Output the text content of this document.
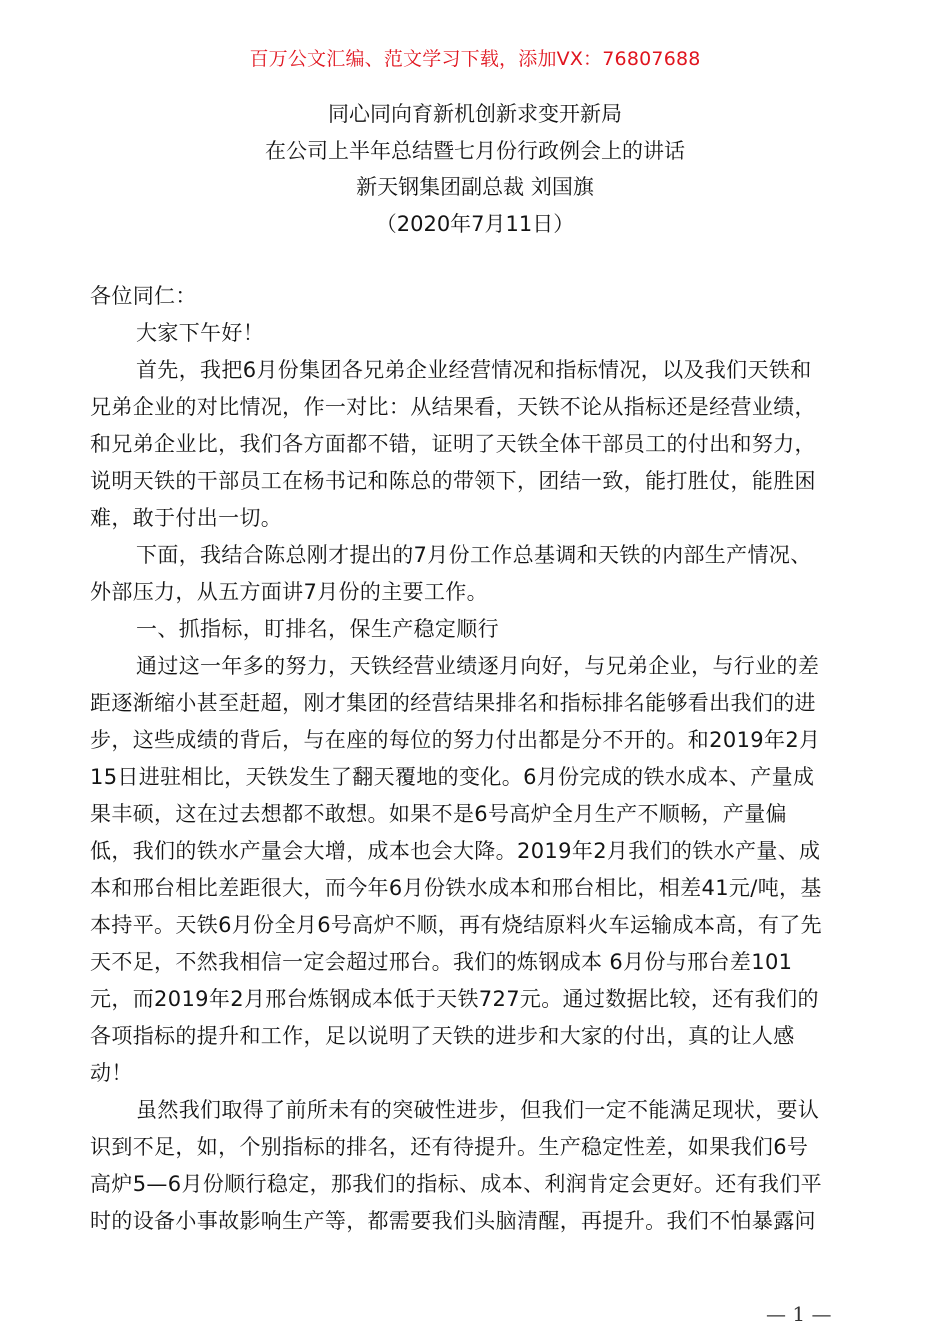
百万公文汇编、范文学习下载，添加VX：76807688
同心同向育新机创新求变开新局
在公司上半年总结暨七月份行政例会上的讲话
新天钢集团副总裁 刘国旗
（2020年7月11日）
各位同仁：
大家下午好！
首先，我把6月份集团各兄弟企业经营情况和指标情况，以及我们天铁和
兄弟企业的对比情况，作一对比：从结果看，天铁不论从指标还是经营业绩，
和兄弟企业比，我们各方面都不错，证明了天铁全体干部员工的付出和努力，
说明天铁的干部员工在杨书记和陈总的带领下，团结一致，能打胜仗，能胜困
难，敢于付出一切。
下面，我结合陈总刚才提出的7月份工作总基调和天铁的内部生产情况、
外部压力，从五方面讲7月份的主要工作。
一、抓指标，盯排名，保生产稳定顺行
通过这一年多的努力，天铁经营业绩逐月向好，与兄弟企业，与行业的差
距逐渐缩小甚至赶超，刚才集团的经营结果排名和指标排名能够看出我们的进
步，这些成绩的背后，与在座的每位的努力付出都是分不开的。和2019年2月
15日进驻相比，天铁发生了翻天覆地的变化。6月份完成的铁水成本、产量成
果丰硕，这在过去想都不敢想。如果不是6号高炉全月生产不顺畅，产量偏
低，我们的铁水产量会大增，成本也会大降。2019年2月我们的铁水产量、成
本和邢台相比差距很大，而今年6月份铁水成本和邢台相比，相差41元/吨，基
本持平。天铁6月份全月6号高炉不顺，再有烧结原料火车运输成本高，有了先
天不足，不然我相信一定会超过邢台。我们的炼钢成本 6月份与邢台差101
元，而2019年2月邢台炼钢成本低于天铁727元。通过数据比较，还有我们的
各项指标的提升和工作，足以说明了天铁的进步和大家的付出，真的让人感
动！
虽然我们取得了前所未有的突破性进步，但我们一定不能满足现状，要认
识到不足，如，个别指标的排名，还有待提升。生产稳定性差，如果我们6号
高炉5—6月份顺行稳定，那我们的指标、成本、利润肯定会更好。还有我们平
时的设备小事故影响生产等，都需要我们头脑清醒，再提升。我们不怕暴露问
— 1 —
